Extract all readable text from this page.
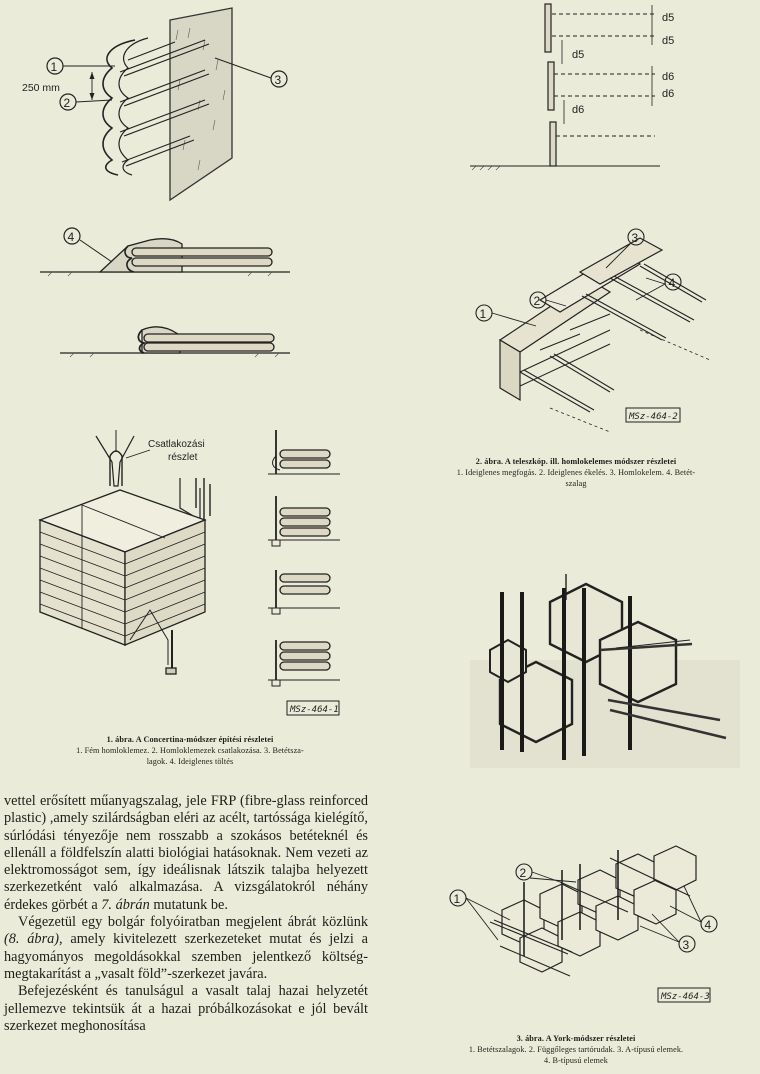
1
2
3
250 mm
4
Csatlakozási
részlet
MSz-464-1
1. ábra. A Concertina-módszer építési részletei
1. Fém homloklemez. 2. Homloklemezek csatlakozása. 3. Betétsza-
lagok. 4. Ideiglenes töltés
d5
d5
d5
d6
d6
d6
3
2
1
4
MSz-464-2
2. ábra. A teleszkóp. ill. homlokelemes módszer részletei
1. Ideiglenes megfogás. 2. Ideiglenes ékelés. 3. Homlokelem. 4. Betét-
szalag
1
2
3
4
MSz-464-3
3. ábra. A York-módszer részletei
1. Betétszalagok. 2. Függőleges tartórudak. 3. A-típusú elemek.
4. B-típusú elemek

vettel erősített műanyagszalag, jele FRP (fibre-glass reinforced plastic) ,amely szilárdságban eléri az acélt, tartóssága kielégítő, súrlódási tényezője nem rosszabb a szokásos betéteknél és ellenáll a földfelszín alatti biológiai hatásoknak. Nem vezeti az elektromosságot sem, így ideálisnak látszik talajba helyezett szerkezetként való alkalmazása. A vizsgálatokról néhány érdekes görbét a 7. ábrán mutatunk be.

Végezetül egy bolgár folyóiratban megjelent ábrát közlünk (8. ábra), amely kivitelezett szerkezeteket mutat és jelzi a hagyományos megoldásokkal szemben jelentkező költség-megtakarítást a „vasalt föld”-szerkezet javára.

Befejezésként és tanulságul a vasalt talaj hazai helyzetét jellemezve tekintsük át a hazai próbálkozásokat e jól bevált szerkezet meghonosítása
